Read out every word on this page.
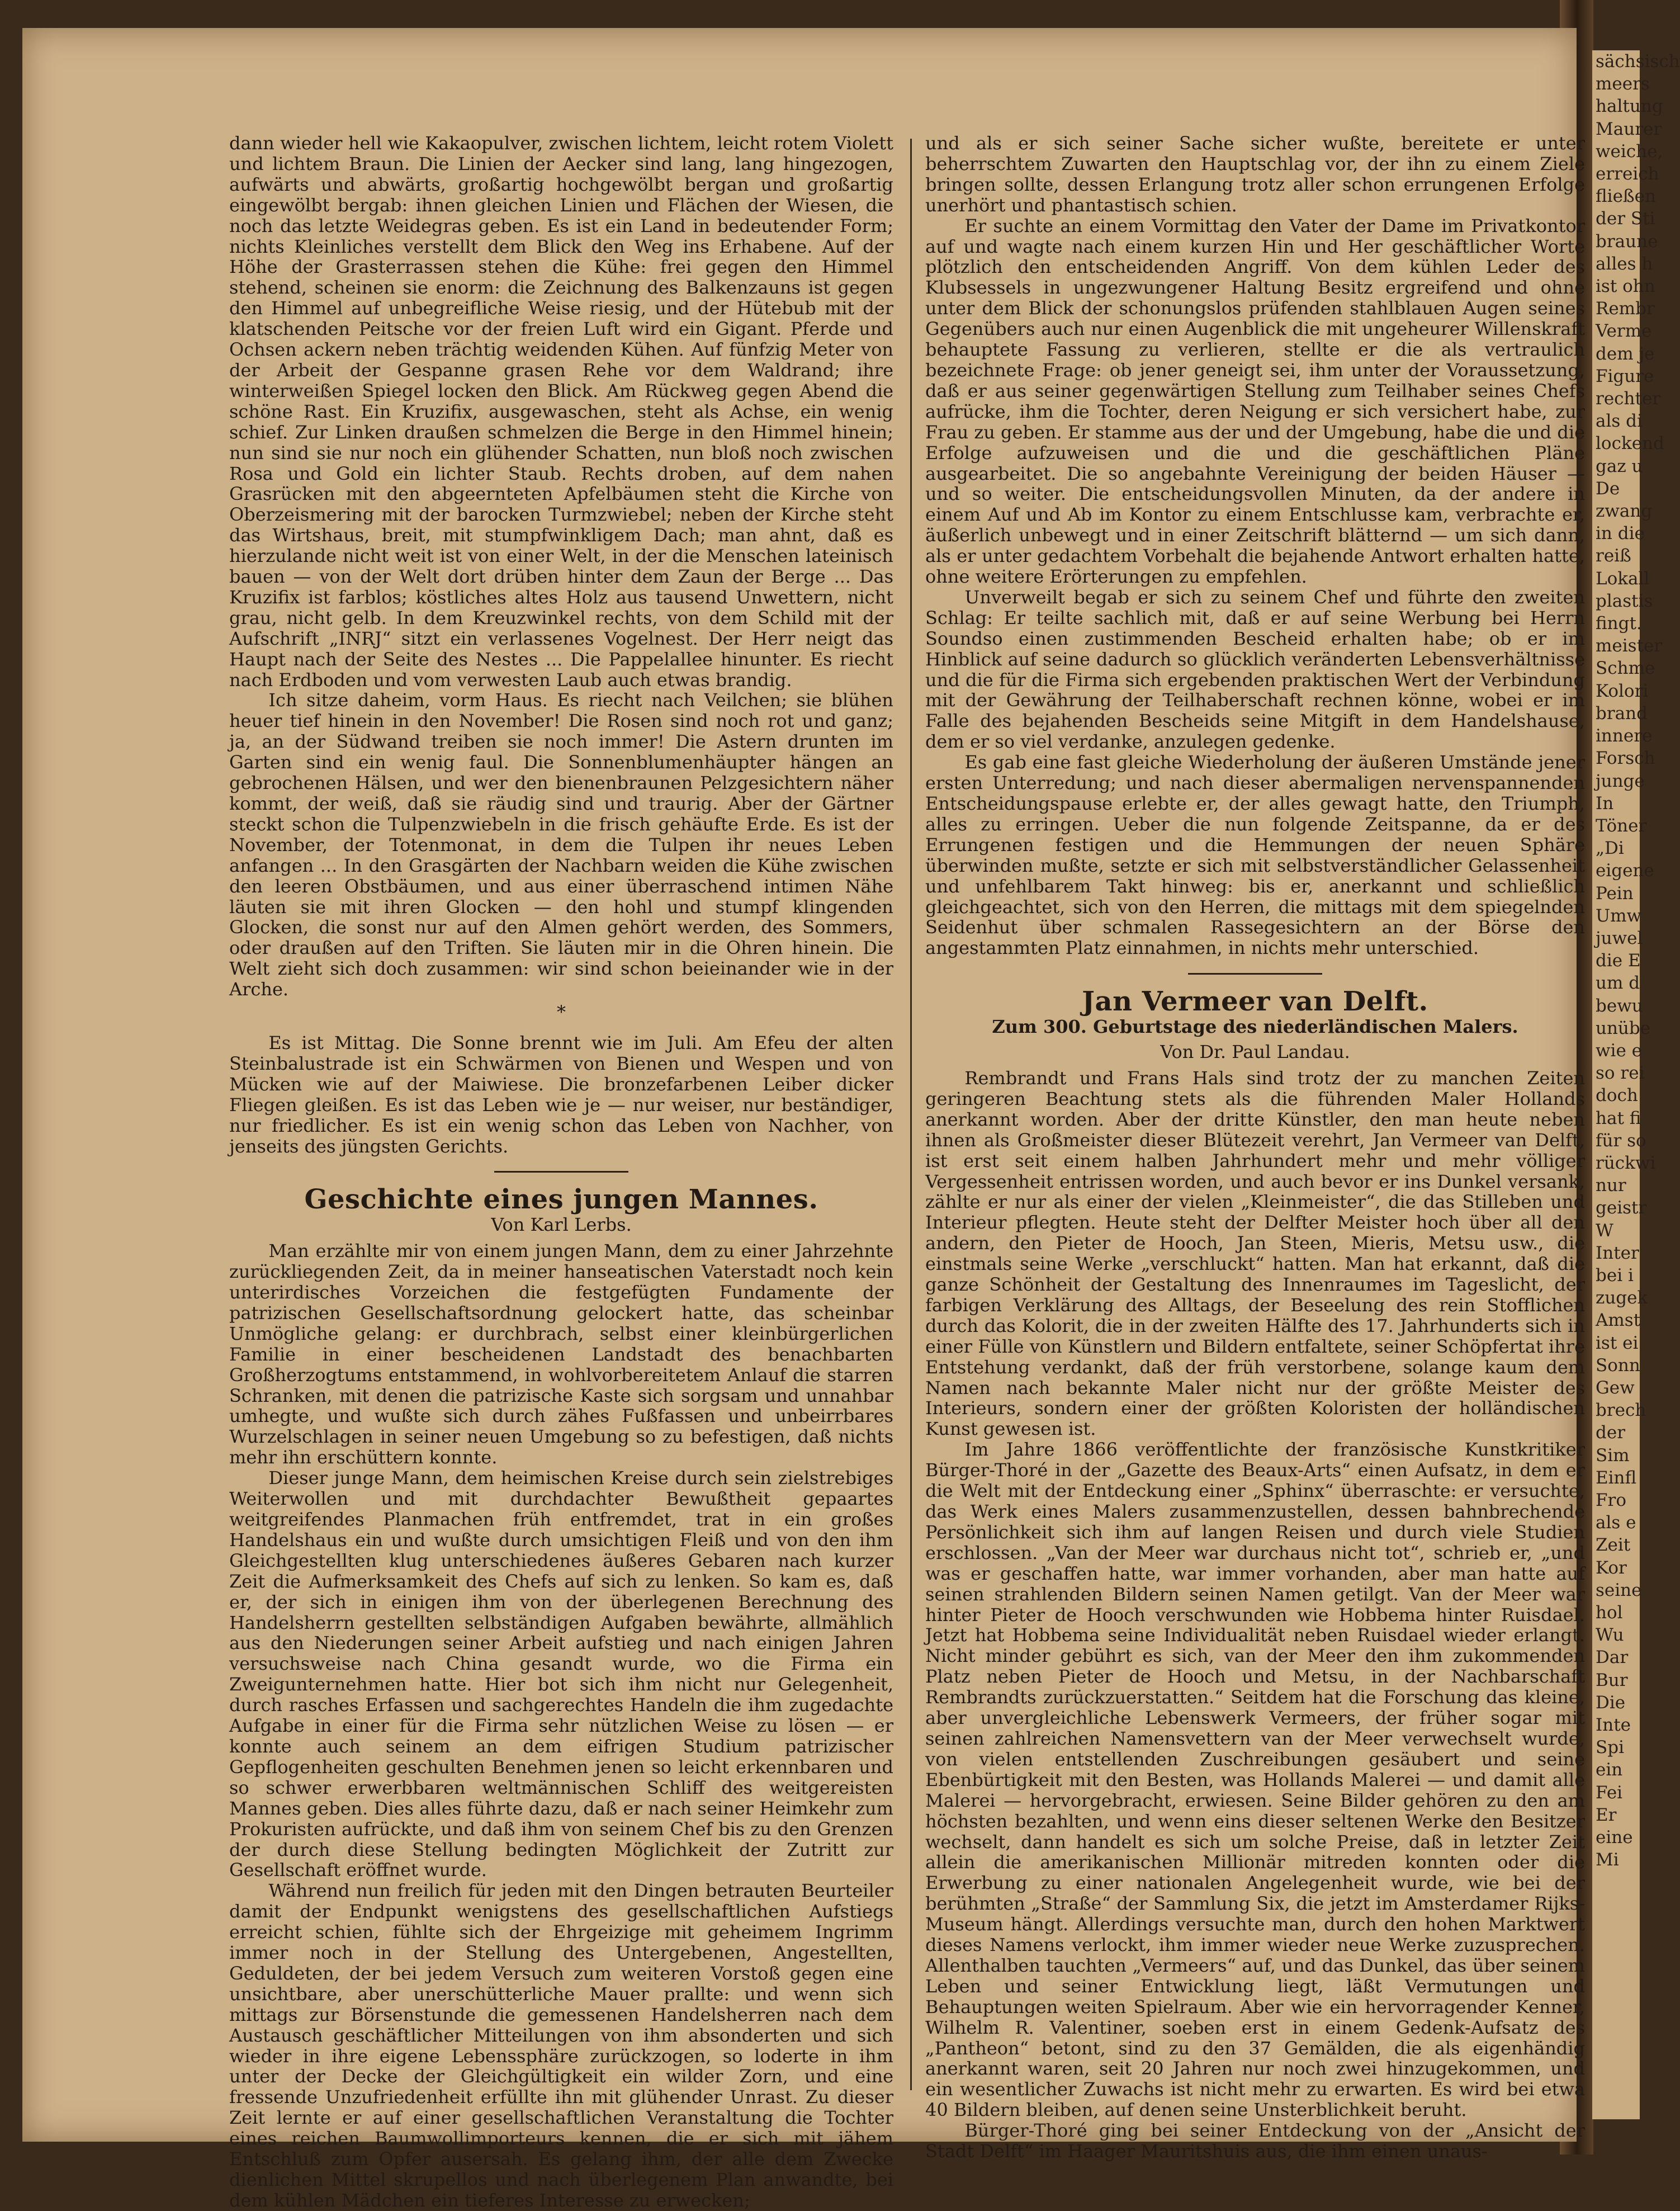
sächsisch
meers
haltung
Maurer
weiche,
erreich
fließen
der Sti
braune
alles h
ist ohn
Rembr
Verme
dem je
Figure
rechter
als di
lockend
gaz u
De
zwang
in die
reiß
Lokall
plastis
fingt.
meister
Schme
Kolori
brand
innere
Forsch
junge
In
Töner
„Di
eigene
Pein
Umw
juwel
die E
um d
bewu
unübe
wie e
so rei
doch
hat fi
für so
rückwi
nur
geistr
W
Inter
bei i
zugek
Amst
ist ei
Sonn
Gew
brech
der
Sim
Einfl
Fro
als e
Zeit
Kor
seine
hol
Wu
Dar
Bur
Die
Inte
Spi
ein
Fei
Er
eine
Mi

dann wieder hell wie Kakaopulver, zwischen lichtem, leicht rotem Violett und lichtem Braun. Die Linien der Aecker sind lang, lang hingezogen, aufwärts und abwärts, großartig hochgewölbt bergan und großartig eingewölbt bergab: ihnen gleichen Linien und Flächen der Wiesen, die noch das letzte Weidegras geben. Es ist ein Land in bedeutender Form; nichts Kleinliches verstellt dem Blick den Weg ins Erhabene. Auf der Höhe der Grasterrassen stehen die Kühe: frei gegen den Himmel stehend, scheinen sie enorm: die Zeichnung des Balkenzauns ist gegen den Himmel auf unbegreifliche Weise riesig, und der Hütebub mit der klatschenden Peitsche vor der freien Luft wird ein Gigant. Pferde und Ochsen ackern neben trächtig weidenden Kühen. Auf fünfzig Meter von der Arbeit der Gespanne grasen Rehe vor dem Waldrand; ihre winterweißen Spiegel locken den Blick. Am Rückweg gegen Abend die schöne Rast. Ein Kruzifix, ausgewaschen, steht als Achse, ein wenig schief. Zur Linken draußen schmelzen die Berge in den Himmel hinein; nun sind sie nur noch ein glühender Schatten, nun bloß noch zwischen Rosa und Gold ein lichter Staub. Rechts droben, auf dem nahen Grasrücken mit den abgeernteten Apfelbäumen steht die Kirche von Oberzeismering mit der barocken Turmzwiebel; neben der Kirche steht das Wirtshaus, breit, mit stumpfwinkligem Dach; man ahnt, daß es hierzulande nicht weit ist von einer Welt, in der die Menschen lateinisch bauen — von der Welt dort drüben hinter dem Zaun der Berge ... Das Kruzifix ist farblos; köstliches altes Holz aus tausend Unwettern, nicht grau, nicht gelb. In dem Kreuzwinkel rechts, von dem Schild mit der Aufschrift „INRJ“ sitzt ein verlassenes Vogelnest. Der Herr neigt das Haupt nach der Seite des Nestes ... Die Pappelallee hinunter. Es riecht nach Erdboden und vom verwesten Laub auch etwas brandig.

Ich sitze daheim, vorm Haus. Es riecht nach Veilchen; sie blühen heuer tief hinein in den November! Die Rosen sind noch rot und ganz; ja, an der Südwand treiben sie noch immer! Die Astern drunten im Garten sind ein wenig faul. Die Sonnenblumenhäupter hängen an gebrochenen Hälsen, und wer den bienenbraunen Pelzgesichtern näher kommt, der weiß, daß sie räudig sind und traurig. Aber der Gärtner steckt schon die Tulpenzwiebeln in die frisch gehäufte Erde. Es ist der November, der Totenmonat, in dem die Tulpen ihr neues Leben anfangen ... In den Grasgärten der Nachbarn weiden die Kühe zwischen den leeren Obstbäumen, und aus einer überraschend intimen Nähe läuten sie mit ihren Glocken — den hohl und stumpf klingenden Glocken, die sonst nur auf den Almen gehört werden, des Sommers, oder draußen auf den Triften. Sie läuten mir in die Ohren hinein. Die Welt zieht sich doch zusammen: wir sind schon beieinander wie in der Arche.

*

Es ist Mittag. Die Sonne brennt wie im Juli. Am Efeu der alten Steinbalustrade ist ein Schwärmen von Bienen und Wespen und von Mücken wie auf der Maiwiese. Die bronzefarbenen Leiber dicker Fliegen gleißen. Es ist das Leben wie je — nur weiser, nur beständiger, nur friedlicher. Es ist ein wenig schon das Leben von Nachher, von jenseits des jüngsten Gerichts.

Geschichte eines jungen Mannes.
Von Karl Lerbs.

Man erzählte mir von einem jungen Mann, dem zu einer Jahrzehnte zurückliegenden Zeit, da in meiner hanseatischen Vaterstadt noch kein unterirdisches Vorzeichen die festgefügten Fundamente der patrizischen Gesellschaftsordnung gelockert hatte, das scheinbar Unmögliche gelang: er durchbrach, selbst einer kleinbürgerlichen Familie in einer bescheidenen Landstadt des benachbarten Großherzogtums entstammend, in wohlvorbereitetem Anlauf die starren Schranken, mit denen die patrizische Kaste sich sorgsam und unnahbar umhegte, und wußte sich durch zähes Fußfassen und unbeirrbares Wurzelschlagen in seiner neuen Umgebung so zu befestigen, daß nichts mehr ihn erschüttern konnte.

Dieser junge Mann, dem heimischen Kreise durch sein zielstrebiges Weiterwollen und mit durchdachter Bewußtheit gepaartes weitgreifendes Planmachen früh entfremdet, trat in ein großes Handelshaus ein und wußte durch umsichtigen Fleiß und von den ihm Gleichgestellten klug unterschiedenes äußeres Gebaren nach kurzer Zeit die Aufmerksamkeit des Chefs auf sich zu lenken. So kam es, daß er, der sich in einigen ihm von der überlegenen Berechnung des Handelsherrn gestellten selbständigen Aufgaben bewährte, allmählich aus den Niederungen seiner Arbeit aufstieg und nach einigen Jahren versuchsweise nach China gesandt wurde, wo die Firma ein Zweigunternehmen hatte. Hier bot sich ihm nicht nur Gelegenheit, durch rasches Erfassen und sachgerechtes Handeln die ihm zugedachte Aufgabe in einer für die Firma sehr nützlichen Weise zu lösen — er konnte auch seinem an dem eifrigen Studium patrizischer Gepflogenheiten geschulten Benehmen jenen so leicht erkennbaren und so schwer erwerbbaren weltmännischen Schliff des weitgereisten Mannes geben. Dies alles führte dazu, daß er nach seiner Heimkehr zum Prokuristen aufrückte, und daß ihm von seinem Chef bis zu den Grenzen der durch diese Stellung bedingten Möglichkeit der Zutritt zur Gesellschaft eröffnet wurde.

Während nun freilich für jeden mit den Dingen betrauten Beurteiler damit der Endpunkt wenigstens des gesellschaftlichen Aufstiegs erreicht schien, fühlte sich der Ehrgeizige mit geheimem Ingrimm immer noch in der Stellung des Untergebenen, Angestellten, Geduldeten, der bei jedem Versuch zum weiteren Vorstoß gegen eine unsichtbare, aber unerschütterliche Mauer prallte: und wenn sich mittags zur Börsenstunde die gemessenen Handelsherren nach dem Austausch geschäftlicher Mitteilungen von ihm absonderten und sich wieder in ihre eigene Lebenssphäre zurückzogen, so loderte in ihm unter der Decke der Gleichgültigkeit ein wilder Zorn, und eine fressende Unzufriedenheit erfüllte ihn mit glühender Unrast. Zu dieser Zeit lernte er auf einer gesellschaftlichen Veranstaltung die Tochter eines reichen Baumwollimporteurs kennen, die er sich mit jähem Entschluß zum Opfer ausersah. Es gelang ihm, der alle dem Zwecke dienlichen Mittel skrupellos und nach überlegenem Plan anwandte, bei dem kühlen Mädchen ein tieferes Interesse zu erwecken;

und als er sich seiner Sache sicher wußte, bereitete er unter beherrschtem Zuwarten den Hauptschlag vor, der ihn zu einem Ziele bringen sollte, dessen Erlangung trotz aller schon errungenen Erfolge unerhört und phantastisch schien.

Er suchte an einem Vormittag den Vater der Dame im Privatkontor auf und wagte nach einem kurzen Hin und Her geschäftlicher Worte plötzlich den entscheidenden Angriff. Von dem kühlen Leder des Klubsessels in ungezwungener Haltung Besitz ergreifend und ohne unter dem Blick der schonungslos prüfenden stahlblauen Augen seines Gegenübers auch nur einen Augenblick die mit ungeheurer Willenskraft behauptete Fassung zu verlieren, stellte er die als vertraulich bezeichnete Frage: ob jener geneigt sei, ihm unter der Voraussetzung, daß er aus seiner gegenwärtigen Stellung zum Teilhaber seines Chefs aufrücke, ihm die Tochter, deren Neigung er sich versichert habe, zur Frau zu geben. Er stamme aus der und der Umgebung, habe die und die Erfolge aufzuweisen und die und die geschäftlichen Pläne ausgearbeitet. Die so angebahnte Vereinigung der beiden Häuser — und so weiter. Die entscheidungsvollen Minuten, da der andere in einem Auf und Ab im Kontor zu einem Entschlusse kam, verbrachte er, äußerlich unbewegt und in einer Zeitschrift blätternd — um sich dann, als er unter gedachtem Vorbehalt die bejahende Antwort erhalten hatte, ohne weitere Erörterungen zu empfehlen.

Unverweilt begab er sich zu seinem Chef und führte den zweiten Schlag: Er teilte sachlich mit, daß er auf seine Werbung bei Herrn Soundso einen zustimmenden Bescheid erhalten habe; ob er im Hinblick auf seine dadurch so glücklich veränderten Lebensverhältnisse und die für die Firma sich ergebenden praktischen Wert der Verbindung mit der Gewährung der Teilhaberschaft rechnen könne, wobei er im Falle des bejahenden Bescheids seine Mitgift in dem Handelshause, dem er so viel verdanke, anzulegen gedenke.

Es gab eine fast gleiche Wiederholung der äußeren Umstände jener ersten Unterredung; und nach dieser abermaligen nervenspannenden Entscheidungspause erlebte er, der alles gewagt hatte, den Triumph, alles zu erringen. Ueber die nun folgende Zeitspanne, da er des Errungenen festigen und die Hemmungen der neuen Sphäre überwinden mußte, setzte er sich mit selbstverständlicher Gelassenheit und unfehlbarem Takt hinweg: bis er, anerkannt und schließlich gleichgeachtet, sich von den Herren, die mittags mit dem spiegelnden Seidenhut über schmalen Rassegesichtern an der Börse den angestammten Platz einnahmen, in nichts mehr unterschied.

Jan Vermeer van Delft.
Zum 300. Geburtstage des niederländischen Malers.
Von Dr. Paul Landau.

Rembrandt und Frans Hals sind trotz der zu manchen Zeiten geringeren Beachtung stets als die führenden Maler Hollands anerkannt worden. Aber der dritte Künstler, den man heute neben ihnen als Großmeister dieser Blütezeit verehrt, Jan Vermeer van Delft, ist erst seit einem halben Jahrhundert mehr und mehr völliger Vergessenheit entrissen worden, und auch bevor er ins Dunkel versank, zählte er nur als einer der vielen „Kleinmeister“, die das Stilleben und Interieur pflegten. Heute steht der Delfter Meister hoch über all den andern, den Pieter de Hooch, Jan Steen, Mieris, Metsu usw., die einstmals seine Werke „verschluckt“ hatten. Man hat erkannt, daß die ganze Schönheit der Gestaltung des Innenraumes im Tageslicht, der farbigen Verklärung des Alltags, der Beseelung des rein Stofflichen durch das Kolorit, die in der zweiten Hälfte des 17. Jahrhunderts sich in einer Fülle von Künstlern und Bildern entfaltete, seiner Schöpfertat ihre Entstehung verdankt, daß der früh verstorbene, solange kaum dem Namen nach bekannte Maler nicht nur der größte Meister des Interieurs, sondern einer der größten Koloristen der holländischen Kunst gewesen ist.

Im Jahre 1866 veröffentlichte der französische Kunstkritiker Bürger-Thoré in der „Gazette des Beaux-Arts“ einen Aufsatz, in dem er die Welt mit der Entdeckung einer „Sphinx“ überraschte: er versuchte, das Werk eines Malers zusammenzustellen, dessen bahnbrechende Persönlichkeit sich ihm auf langen Reisen und durch viele Studien erschlossen. „Van der Meer war durchaus nicht tot“, schrieb er, „und was er geschaffen hatte, war immer vorhanden, aber man hatte auf seinen strahlenden Bildern seinen Namen getilgt. Van der Meer war hinter Pieter de Hooch verschwunden wie Hobbema hinter Ruisdael. Jetzt hat Hobbema seine Individualität neben Ruisdael wieder erlangt. Nicht minder gebührt es sich, van der Meer den ihm zukommenden Platz neben Pieter de Hooch und Metsu, in der Nachbarschaft Rembrandts zurückzuerstatten.“ Seitdem hat die Forschung das kleine, aber unvergleichliche Lebenswerk Vermeers, der früher sogar mit seinen zahlreichen Namensvettern van der Meer verwechselt wurde, von vielen entstellenden Zuschreibungen gesäubert und seine Ebenbürtigkeit mit den Besten, was Hollands Malerei — und damit alle Malerei — hervorgebracht, erwiesen. Seine Bilder gehören zu den am höchsten bezahlten, und wenn eins dieser seltenen Werke den Besitzer wechselt, dann handelt es sich um solche Preise, daß in letzter Zeit allein die amerikanischen Millionär mitreden konnten oder die Erwerbung zu einer nationalen Angelegenheit wurde, wie bei der berühmten „Straße“ der Sammlung Six, die jetzt im Amsterdamer Rijks-Museum hängt. Allerdings versuchte man, durch den hohen Marktwert dieses Namens verlockt, ihm immer wieder neue Werke zuzusprechen. Allenthalben tauchten „Vermeers“ auf, und das Dunkel, das über seinem Leben und seiner Entwicklung liegt, läßt Vermutungen und Behauptungen weiten Spielraum. Aber wie ein hervorragender Kenner, Wilhelm R. Valentiner, soeben erst in einem Gedenk-Aufsatz des „Pantheon“ betont, sind zu den 37 Gemälden, die als eigenhändig anerkannt waren, seit 20 Jahren nur noch zwei hinzugekommen, und ein wesentlicher Zuwachs ist nicht mehr zu erwarten. Es wird bei etwa 40 Bildern bleiben, auf denen seine Unsterblichkeit beruht.

Bürger-Thoré ging bei seiner Entdeckung von der „Ansicht der Stadt Delft“ im Haager Mauritshuis aus, die ihm einen unaus-
